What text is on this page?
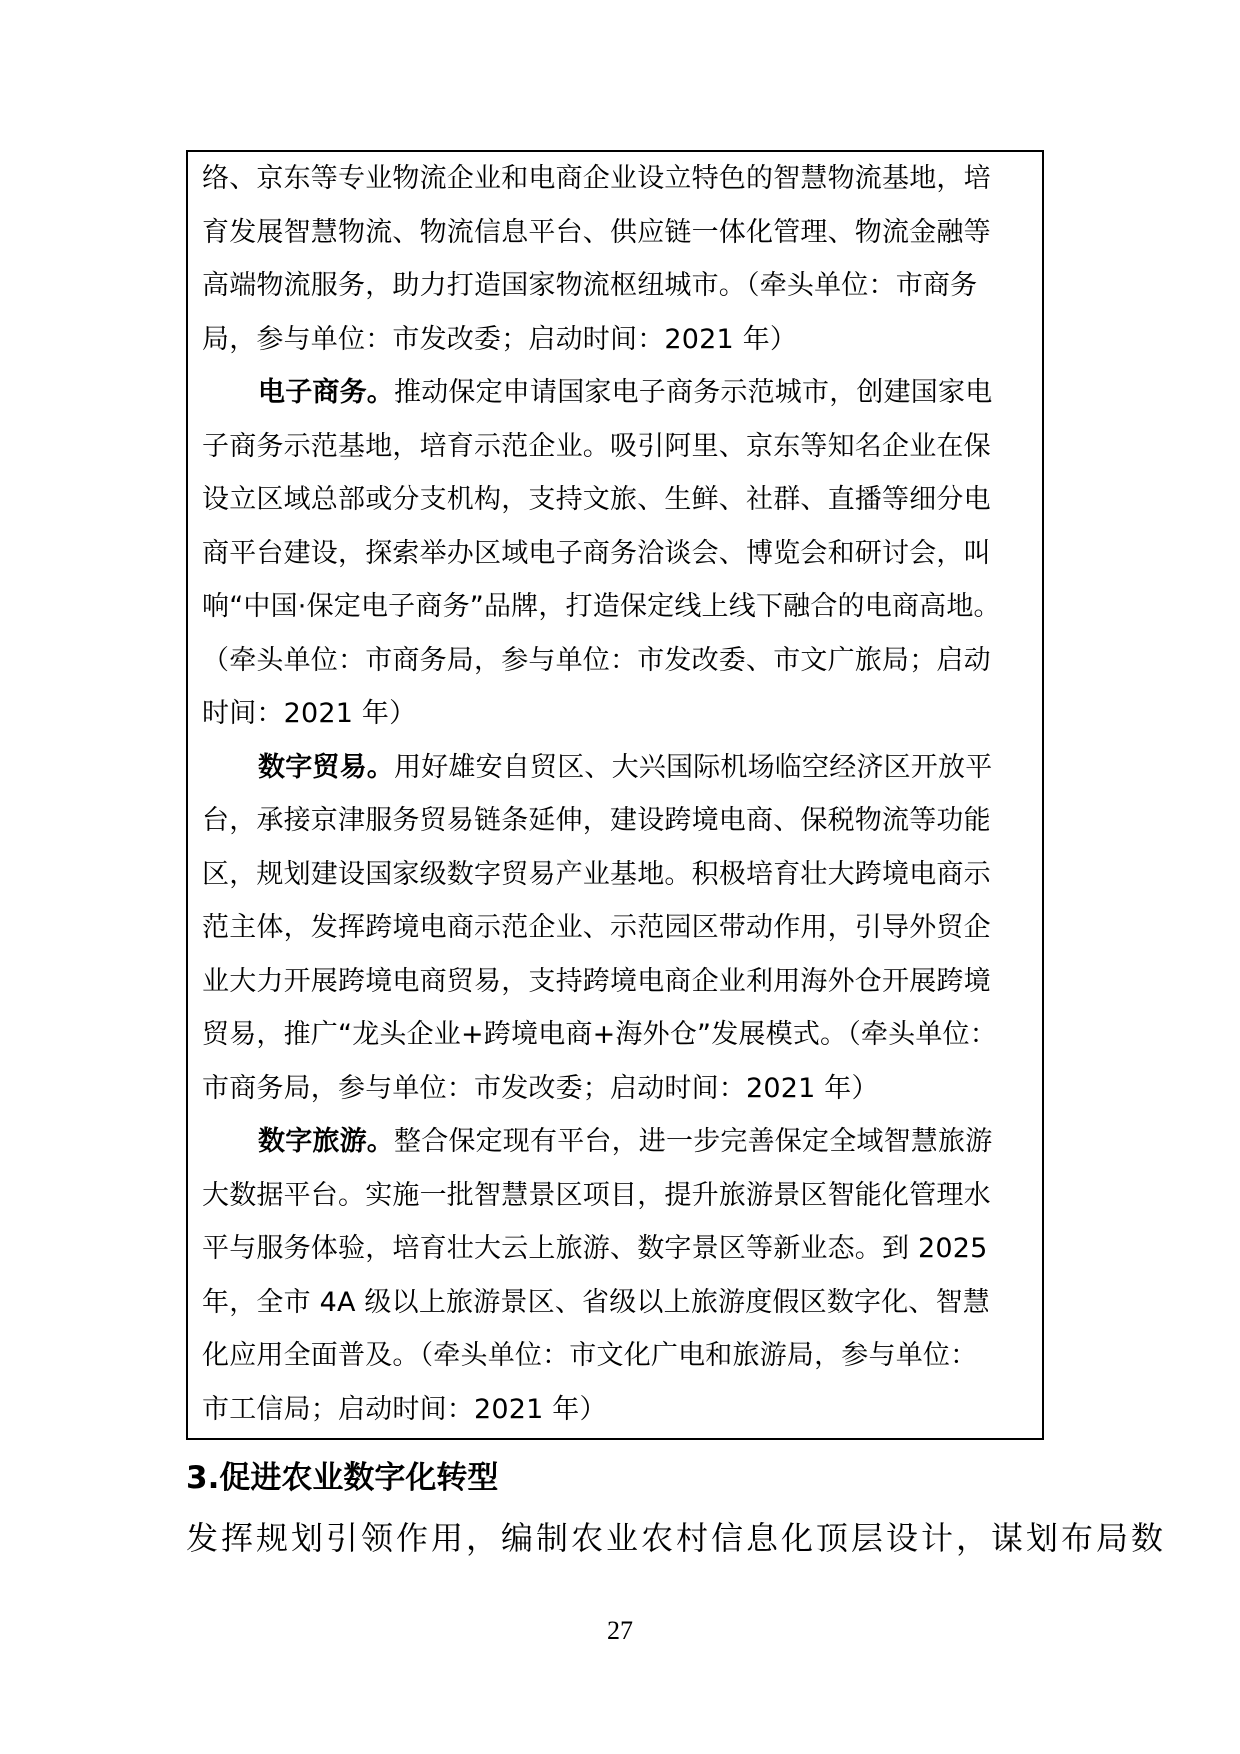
络、京东等专业物流企业和电商企业设立特色的智慧物流基地，培
育发展智慧物流、物流信息平台、供应链一体化管理、物流金融等
高端物流服务，助力打造国家物流枢纽城市。（牵头单位：市商务
局，参与单位：市发改委；启动时间：2021 年）
电子商务。推动保定申请国家电子商务示范城市，创建国家电
子商务示范基地，培育示范企业。吸引阿里、京东等知名企业在保
设立区域总部或分支机构，支持文旅、生鲜、社群、直播等细分电
商平台建设，探索举办区域电子商务洽谈会、博览会和研讨会，叫
响“中国·保定电子商务”品牌，打造保定线上线下融合的电商高地。
（牵头单位：市商务局，参与单位：市发改委、市文广旅局；启动
时间：2021 年）
数字贸易。用好雄安自贸区、大兴国际机场临空经济区开放平
台，承接京津服务贸易链条延伸，建设跨境电商、保税物流等功能
区，规划建设国家级数字贸易产业基地。积极培育壮大跨境电商示
范主体，发挥跨境电商示范企业、示范园区带动作用，引导外贸企
业大力开展跨境电商贸易，支持跨境电商企业利用海外仓开展跨境
贸易，推广“龙头企业+跨境电商+海外仓”发展模式。（牵头单位：
市商务局，参与单位：市发改委；启动时间：2021 年）
数字旅游。整合保定现有平台，进一步完善保定全域智慧旅游
大数据平台。实施一批智慧景区项目，提升旅游景区智能化管理水
平与服务体验，培育壮大云上旅游、数字景区等新业态。到 2025
年，全市 4A 级以上旅游景区、省级以上旅游度假区数字化、智慧
化应用全面普及。（牵头单位：市文化广电和旅游局，参与单位：
市工信局；启动时间：2021 年）
3.促进农业数字化转型
发挥规划引领作用，编制农业农村信息化顶层设计，谋划布局数
27
